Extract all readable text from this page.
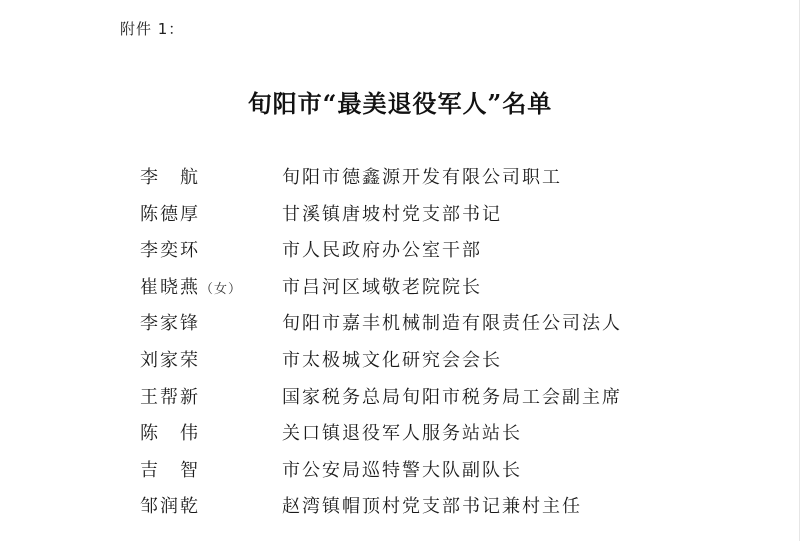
附件 1：
旬阳市“最美退役军人”名单
李　航	旬阳市德鑫源开发有限公司职工
陈德厚	甘溪镇唐坡村党支部书记
李奕环	市人民政府办公室干部
崔晓燕（女） 市吕河区域敬老院院长
李家锋	旬阳市嘉丰机械制造有限责任公司法人
刘家荣	市太极城文化研究会会长
王帮新	国家税务总局旬阳市税务局工会副主席
陈　伟	关口镇退役军人服务站站长
吉　智	市公安局巡特警大队副队长
邹润乾	赵湾镇帽顶村党支部书记兼村主任
